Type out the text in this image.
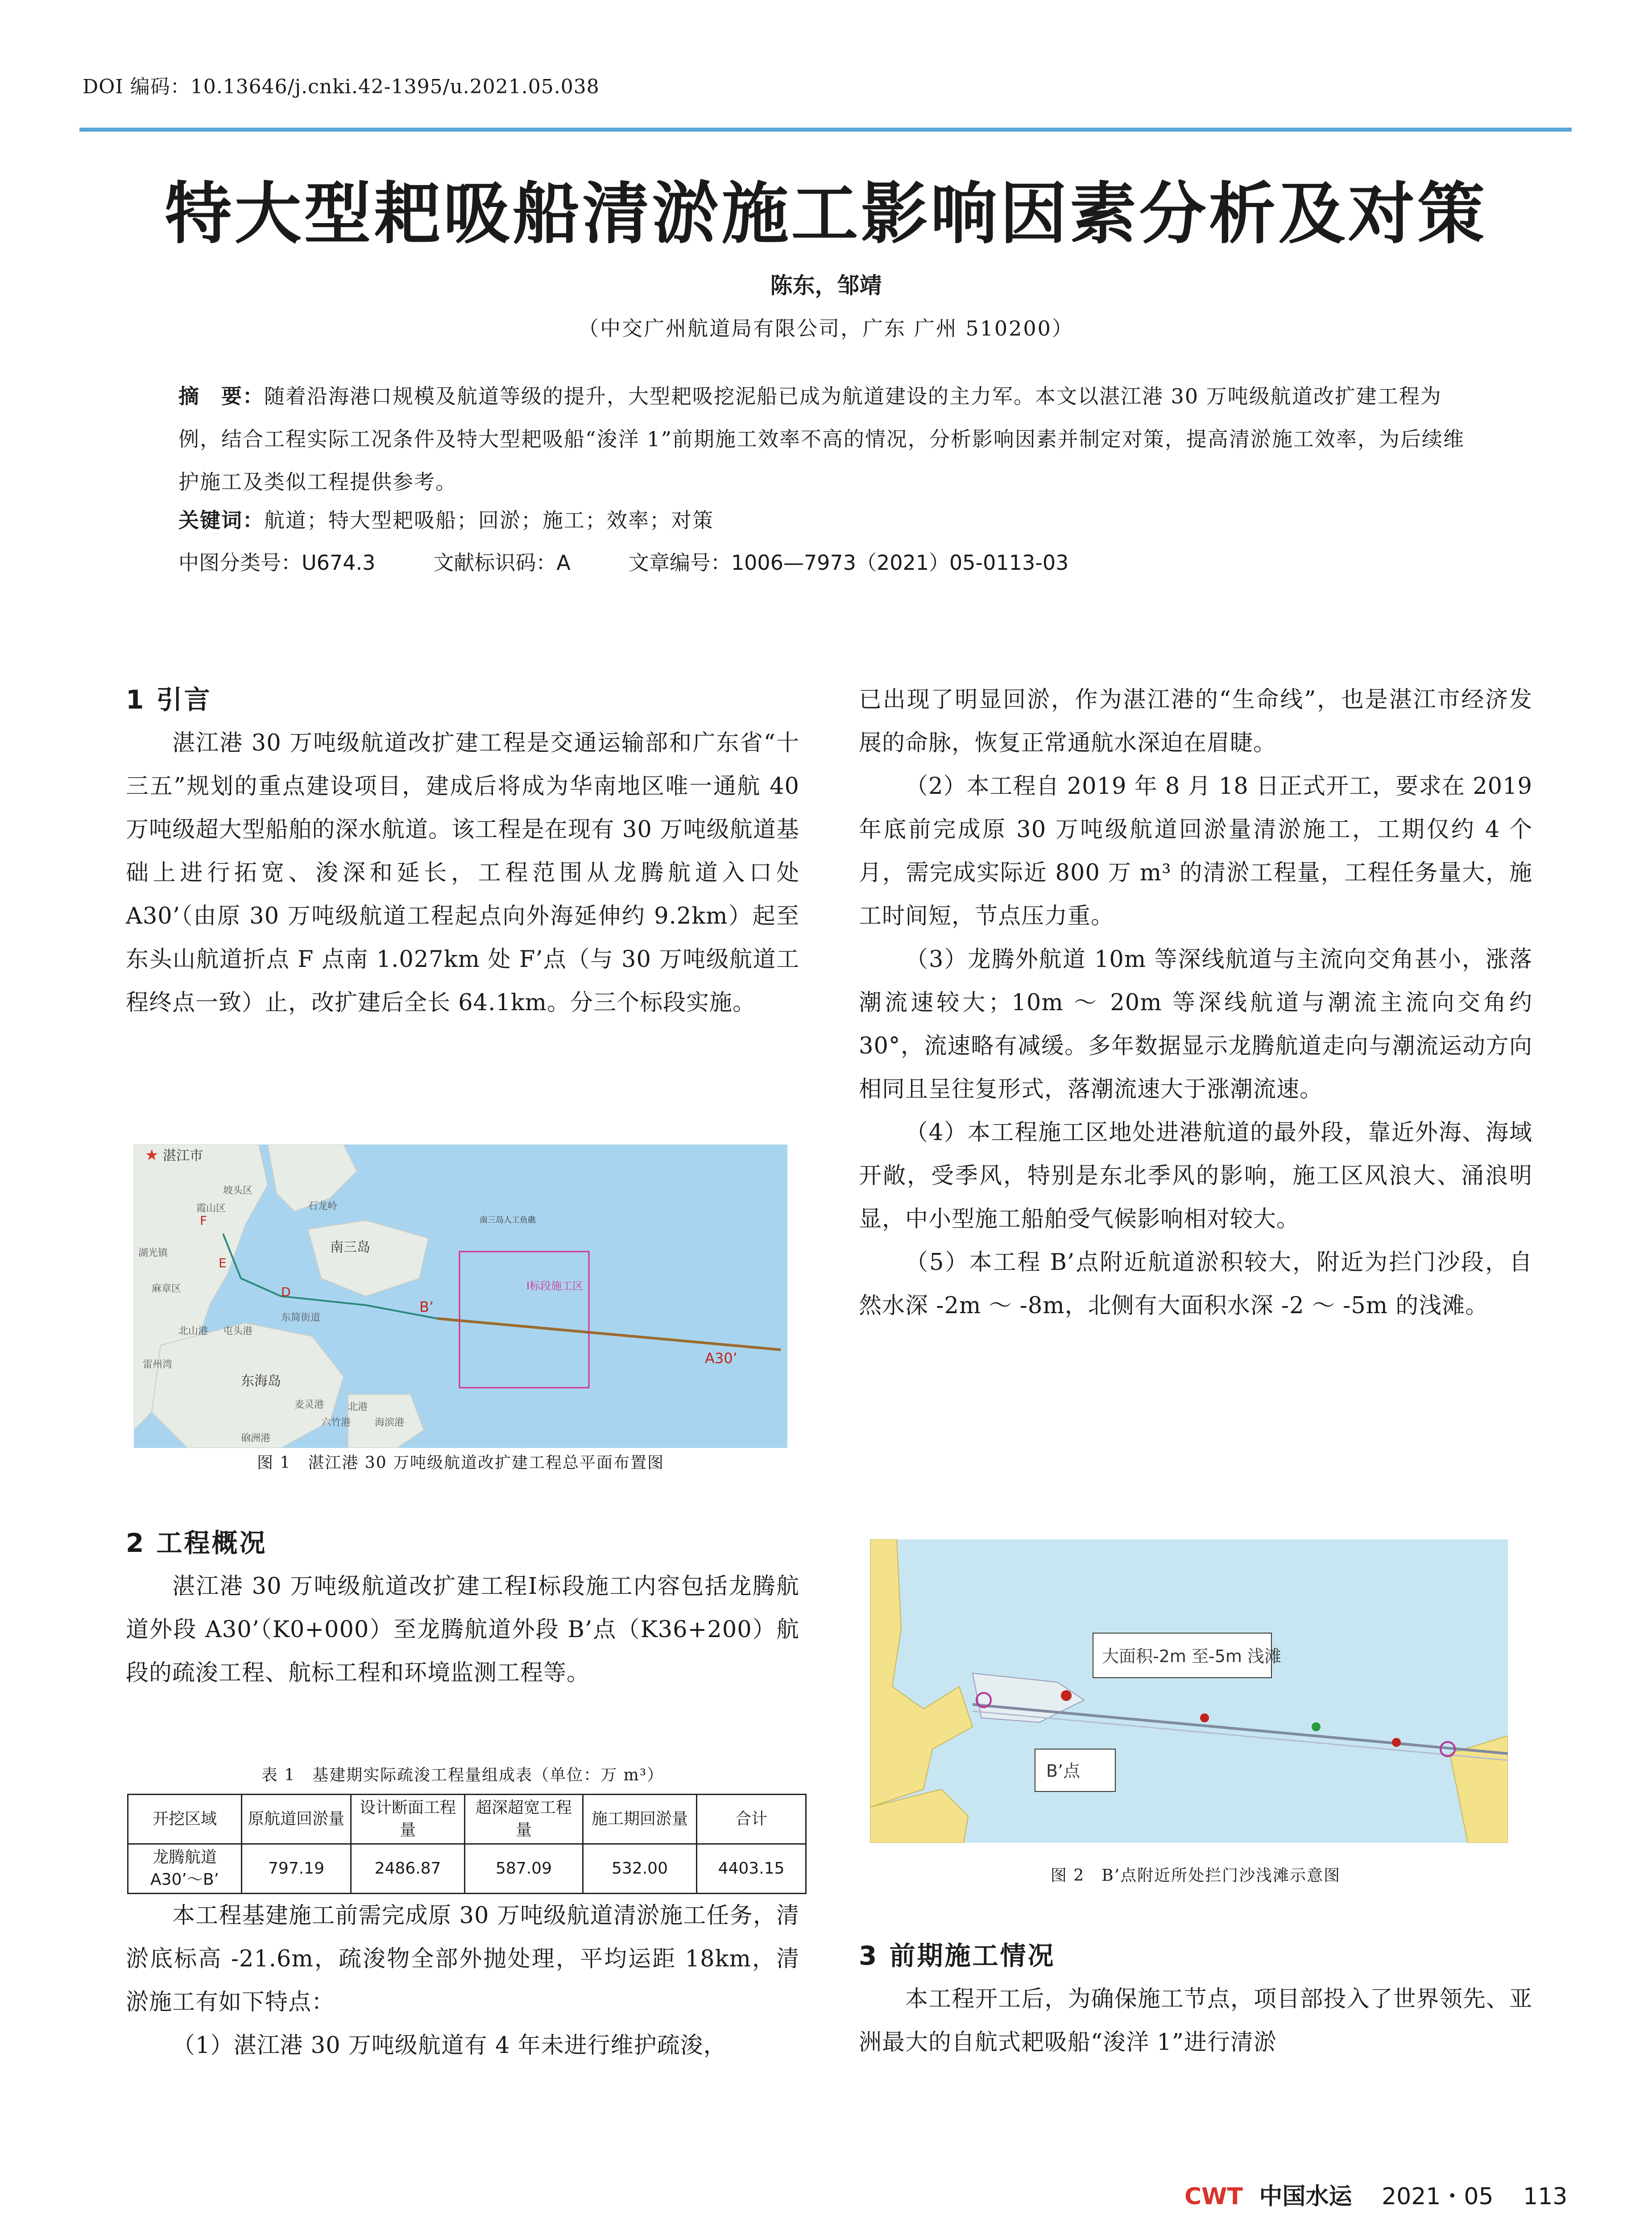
DOI 编码：10.13646/j.cnki.42-1395/u.2021.05.038
特大型耙吸船清淤施工影响因素分析及对策
陈东，邹靖
（中交广州航道局有限公司，广东 广州 510200）
摘　要：随着沿海港口规模及航道等级的提升，大型耙吸挖泥船已成为航道建设的主力军。本文以湛江港 30 万吨级航道改扩建工程为例，结合工程实际工况条件及特大型耙吸船“浚洋 1”前期施工效率不高的情况，分析影响因素并制定对策，提高清淤施工效率，为后续维护施工及类似工程提供参考。
关键词：航道；特大型耙吸船；回淤；施工；效率；对策
中图分类号：U674.3	文献标识码：A	文章编号：1006—7973（2021）05-0113-03
1 引言

湛江港 30 万吨级航道改扩建工程是交通运输部和广东省“十三五”规划的重点建设项目，建成后将成为华南地区唯一通航 40 万吨级超大型船舶的深水航道。该工程是在现有 30 万吨级航道基础上进行拓宽、浚深和延长，工程范围从龙腾航道入口处 A30’（由原 30 万吨级航道工程起点向外海延伸约 9.2km）起至东头山航道折点 F 点南 1.027km 处 F’点（与 30 万吨级航道工程终点一致）止，改扩建后全长 64.1km。分三个标段实施。

★ 湛江市
南三岛
东海岛
石龙岭
坡头区
霞山区
北山港 屯头港
东简街道
雷州湾
北港
六竹港 海滨港
湖光镇
麻章区
南三岛人工鱼礁
麦灵港
硇洲港
B’
A30’
Ⅰ标段施工区
F
E
D
图 1　湛江港 30 万吨级航道改扩建工程总平面布置图
2 工程概况

湛江港 30 万吨级航道改扩建工程Ⅰ标段施工内容包括龙腾航道外段 A30’（K0+000）至龙腾航道外段 B’点（K36+200）航段的疏浚工程、航标工程和环境监测工程等。

表 1　基建期实际疏浚工程量组成表（单位：万 m³）
开挖区域	原航道回淤量	设计断面工程量	超深超宽工程量	施工期回淤量	合计
龙腾航道A30’～B’	797.19	2486.87	587.09	532.00	4403.15

本工程基建施工前需完成原 30 万吨级航道清淤施工任务，清淤底标高 -21.6m，疏浚物全部外抛处理，平均运距 18km，清淤施工有如下特点：

（1）湛江港 30 万吨级航道有 4 年未进行维护疏浚，

已出现了明显回淤，作为湛江港的“生命线”，也是湛江市经济发展的命脉，恢复正常通航水深迫在眉睫。

（2）本工程自 2019 年 8 月 18 日正式开工，要求在 2019 年底前完成原 30 万吨级航道回淤量清淤施工，工期仅约 4 个月，需完成实际近 800 万 m³ 的清淤工程量，工程任务量大，施工时间短，节点压力重。

（3）龙腾外航道 10m 等深线航道与主流向交角甚小，涨落潮流速较大；10m ～ 20m 等深线航道与潮流主流向交角约 30°，流速略有减缓。多年数据显示龙腾航道走向与潮流运动方向相同且呈往复形式，落潮流速大于涨潮流速。

（4）本工程施工区地处进港航道的最外段，靠近外海、海域开敞，受季风，特别是东北季风的影响，施工区风浪大、涌浪明显，中小型施工船舶受气候影响相对较大。

（5）本工程 B’点附近航道淤积较大，附近为拦门沙段，自然水深 -2m ～ -8m，北侧有大面积水深 -2 ～ -5m 的浅滩。

大面积-2m 至-5m 浅滩
B’点
图 2　B’点附近所处拦门沙浅滩示意图
3 前期施工情况

本工程开工后，为确保施工节点，项目部投入了世界领先、亚洲最大的自航式耙吸船“浚洋 1”进行清淤

CWT 中国水运 2021・05 113
